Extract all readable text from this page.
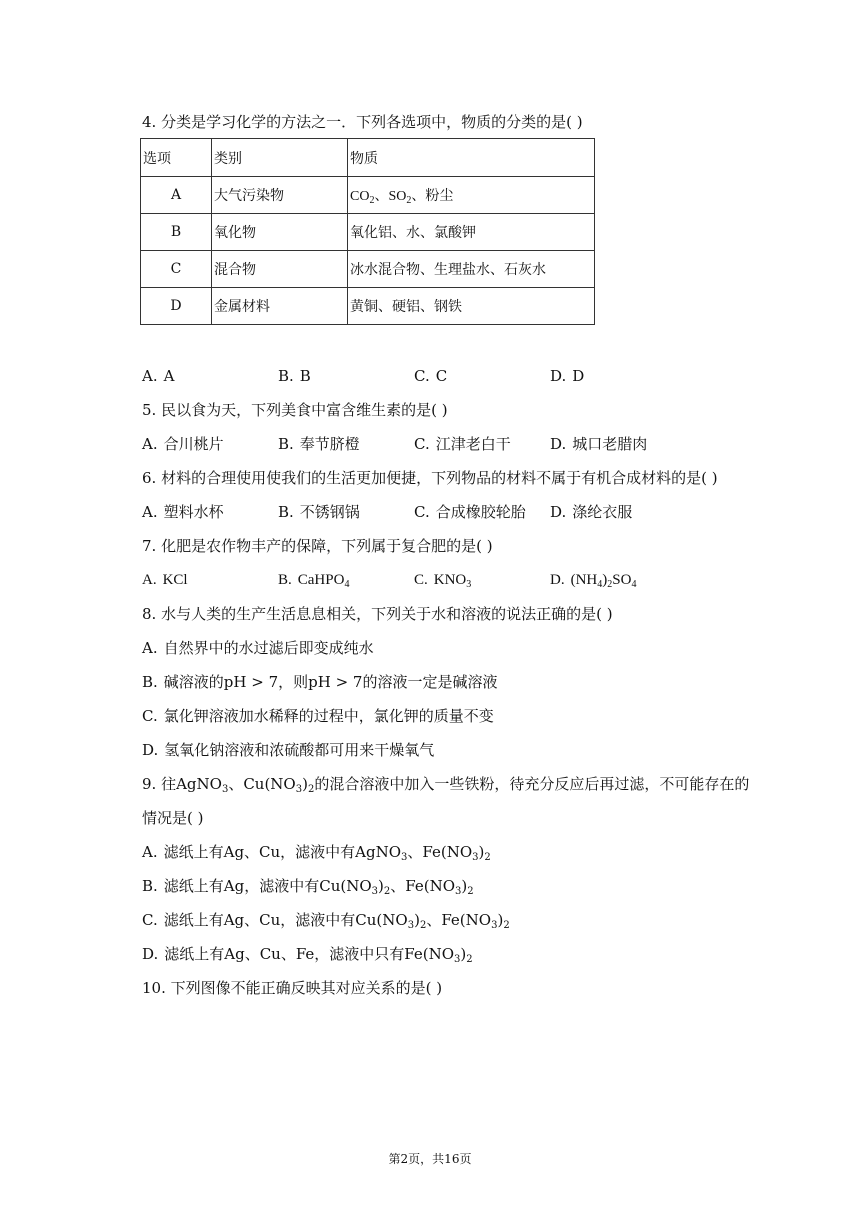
4. 分类是学习化学的方法之一．下列各选项中，物质的分类的是( )
选项	类别	物质
A	大气污染物	$CO_2$、$SO_2$、粉尘
B	氧化物	氧化铝、水、氯酸钾
C	混合物	冰水混合物、生理盐水、石灰水
D	金属材料	黄铜、硬铝、钢铁
A. A	B. B	C. C	D. D
5. 民以食为天，下列美食中富含维生素的是( )
A. 合川桃片	B. 奉节脐橙	C. 江津老白干	D. 城口老腊肉
6. 材料的合理使用使我们的生活更加便捷，下列物品的材料不属于有机合成材料的是( )
A. 塑料水杯	B. 不锈钢锅	C. 合成橡胶轮胎 D. 涤纶衣服
7. 化肥是农作物丰产的保障，下列属于复合肥的是( )
A. KCl	B. CaHPO$_4$	C. $KNO_3$	D. $(NH_4)_2SO_4$
8. 水与人类的生产生活息息相关，下列关于水和溶液的说法正确的是( )
A. 自然界中的水过滤后即变成纯水
B. 碱溶液的pH > 7，则pH > 7的溶液一定是碱溶液
C. 氯化钾溶液加水稀释的过程中，氯化钾的质量不变
D. 氢氧化钠溶液和浓硫酸都可用来干燥氧气
9. 往AgNO$_3$、$Cu(NO_3)_2$的混合溶液中加入一些铁粉，待充分反应后再过滤，不可能存在的
情况是( )
A. 滤纸上有Ag、Cu，滤液中有AgNO$_3$、$Fe(NO_3)_2$
B. 滤纸上有Ag，滤液中有$Cu(NO_3)_2$、$Fe(NO_3)_2$
C. 滤纸上有Ag、Cu，滤液中有$Cu(NO_3)_2$、$Fe(NO_3)_2$
D. 滤纸上有Ag、Cu、Fe，滤液中只有$Fe(NO_3)_2$
10. 下列图像不能正确反映其对应关系的是( )
第2页，共16页
